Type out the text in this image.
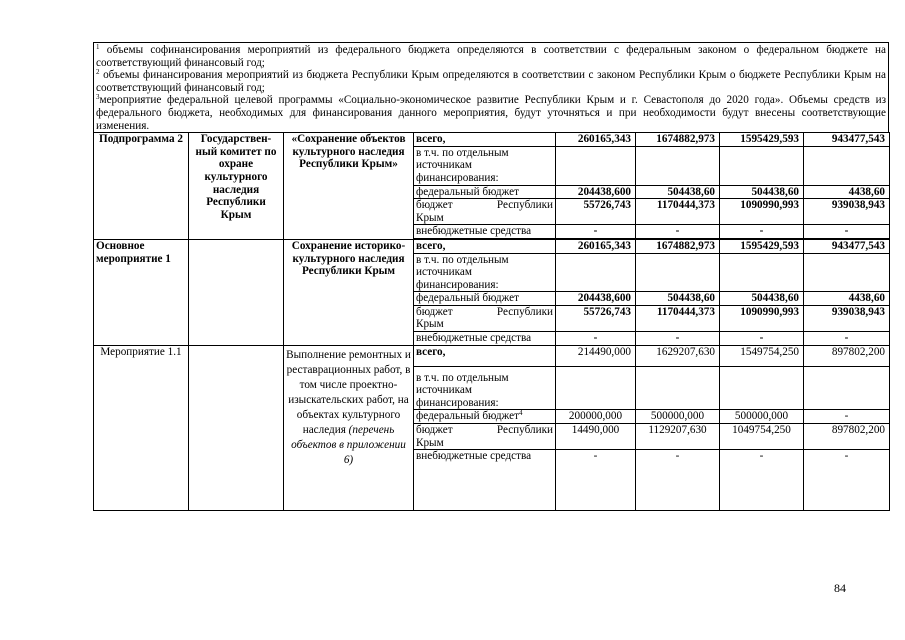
$^1$ объемы софинансирования мероприятий из федерального бюджета определяются в соответствии с федеральным законом о федеральном бюджете на соответствующий финансовый год;

$^2$ объемы финансирования мероприятий из бюджета Республики Крым определяются в соответствии с законом Республики Крым о бюджете Республики Крым на соответствующий финансовый год;

$^3$мероприятие федеральной целевой программы «Социально-экономическое развитие Республики Крым и г. Севастополя до 2020 года». Объемы средств из федерального бюджета, необходимых для финансирования данного мероприятия, будут уточняться и при необходимости будут внесены соответствующие изменения.

Подпрограмма 2	Государствен-ный комитет по охране культурного наследия Республики Крым	«Сохранение объектов культурного наследия Республики Крым»	всего,	260165,343	1674882,973	1595429,593	943477,543

			в т.ч. по отдельным
источникам
финансирования:				

			федеральный бюджет	204438,600	504438,60	504438,60	4438,60

			бюджет Республики
Крым	55726,743	1170444,373	1090990,993	939038,943
			внебюджетные средства	-	-	-	-

Основное мероприятие 1		Сохранение историко-культурного наследия Республики Крым	всего,	260165,343	1674882,973	1595429,593	943477,543

			в т.ч. по отдельным
источникам
финансирования:				

			федеральный бюджет	204438,600	504438,60	504438,60	4438,60

			бюджет Республики
Крым	55726,743	1170444,373	1090990,993	939038,943
			внебюджетные средства	-	-	-	-
Мероприятие 1.1		Выполнение ремонтных и реставрационных работ, в том числе проектно-изыскательских работ, на объектах культурного наследия (перечень объектов в приложении 6)	всего,	214490,000	1629207,630	1549754,250	897802,200

			в т.ч. по отдельным
источникам
финансирования:				

			федеральный бюджет$^4$	200000,000	500000,000	500000,000	-

			бюджет Республики
Крым	14490,000	1129207,630	1049754,250	897802,200
			внебюджетные средства	-	-	-	-
84
